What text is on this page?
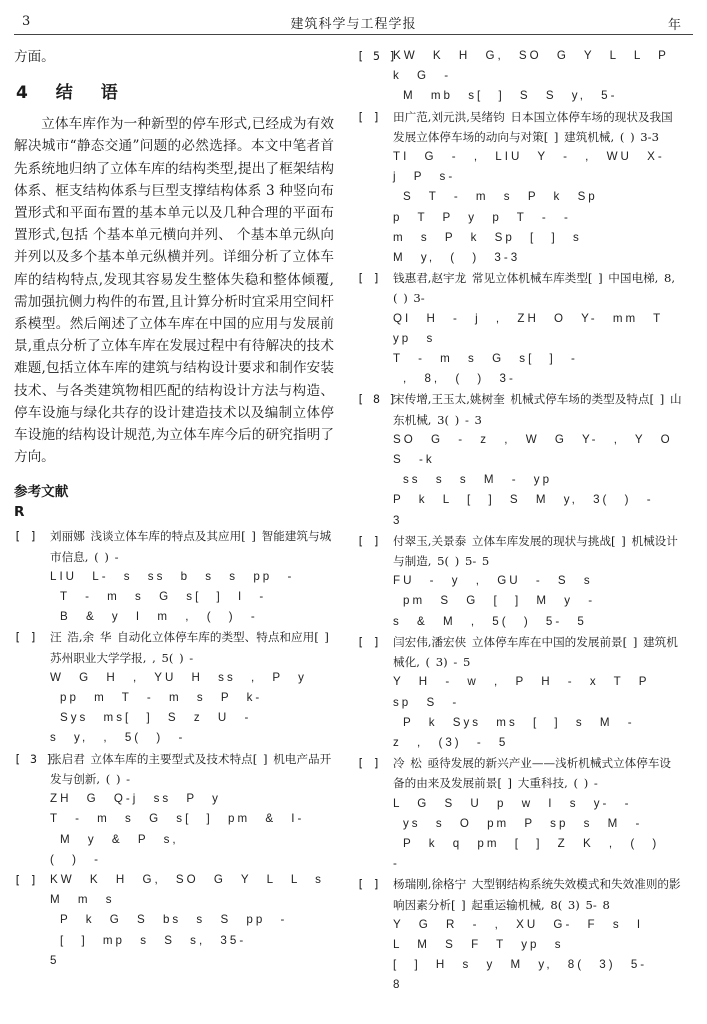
3	建筑科学与工程学报	年

方面。

4 结 语

立体车库作为一种新型的停车形式,已经成为有效解决城市“静态交通”问题的必然选择。本文中笔者首先系统地归纳了立体车库的结构类型,提出了框架结构体系、框支结构体系与巨型支撑结构体系 3 种竖向布置形式和平面布置的基本单元以及几种合理的平面布置形式,包括 个基本单元横向并列、 个基本单元纵向并列以及多个基本单元纵横并列。详细分析了立体车库的结构特点,发现其容易发生整体失稳和整体倾覆,需加强抗侧力构件的布置,且计算分析时宜采用空间杆系模型。然后阐述了立体车库在中国的应用与发展前景,重点分析了立体车库在发展过程中有待解决的技术难题,包括立体车库的建筑与结构设计要求和制作安装技术、与各类建筑物相匹配的结构设计方法与构造、停车设施与绿化共存的设计建造技术以及编制立体停车设施的结构设计规范,为立体车库今后的研究指明了方向。

参考文献
R
[ ] 刘丽娜 浅谈立体车库的特点及其应用[ ] 智能建筑与城市信息, ( ) -
LIU L- s ss b s s pp -
T - m s G s[ ] I -
B & y I m , ( ) -
[ ] 汪 浩,余 华 自动化立体停车库的类型、特点和应用[ ] 苏州职业大学学报, , 5( ) -
W G H , YU H ss , P y
pp m T - m s P k-
Sys ms[ ] S z U -
s y, , 5( ) -
[ 3 ]
张启君 立体车库的主要型式及技术特点[ ] 机电产品开发与创新, ( ) -
ZH G Q-j ss P y
T - m s G s[ ] pm & I-
M y & P s,
( ) -
[ ] KW K H G, SO G Y L L s M m s
P k G S bs s S pp -
[ ] mp s S s, 35-
5
[ 5 ]
KW K H G, SO G Y L L P k G -
M mb s[ ] S S y, 5-
[ ] 田广范,刘元洪,吴绪钧 日本国立体停车场的现状及我国发展立体停车场的动向与对策[ ] 建筑机械, ( ) 3-3
TI G - , LIU Y - , WU X- j P s-
S T - m s P k Sp
p T P y p T - -
m s P k Sp [ ] s
M y, ( ) 3-3
[ ] 钱惠君,赵宇龙 常见立体机械车库类型[ ] 中国电梯, 8, ( ) 3-
QI H - j , ZH O Y- mm T yp s
T - m s G s[ ] -
, 8, ( ) 3-
[ 8 ]
宋传增,王玉太,姚树奎 机械式停车场的类型及特点[ ] 山东机械, 3( ) - 3
SO G - z , W G Y- , Y O S -k
ss s s M - yp
P k L [ ] S M y, 3( ) -
3
[ ] 付翠玉,关景泰 立体车库发展的现状与挑战[ ] 机械设计与制造, 5( ) 5- 5
FU - y , GU - S s
pm S G [ ] M y -
s & M , 5( ) 5- 5
[ ] 闫宏伟,潘宏侠 立体停车库在中国的发展前景[ ] 建筑机械化, ( 3) - 5
Y H - w , P H - x T P sp S -
P k Sys ms [ ] s M -
z , (3) - 5
[ ] 冷 松 亟待发展的新兴产业——浅析机械式立体停车设备的由来及发展前景[ ] 大重科技, ( ) -
L G S U p w I s y- -
ys s O pm P sp s M -
P k q pm [ ] Z K , ( )
-
[ ] 杨瑞刚,徐格宁 大型钢结构系统失效模式和失效准则的影响因素分析[ ] 起重运输机械, 8( 3) 5- 8
Y G R - , XU G- F s I
L M S F T yp s
[ ] H s y M y, 8( 3) 5-
8
